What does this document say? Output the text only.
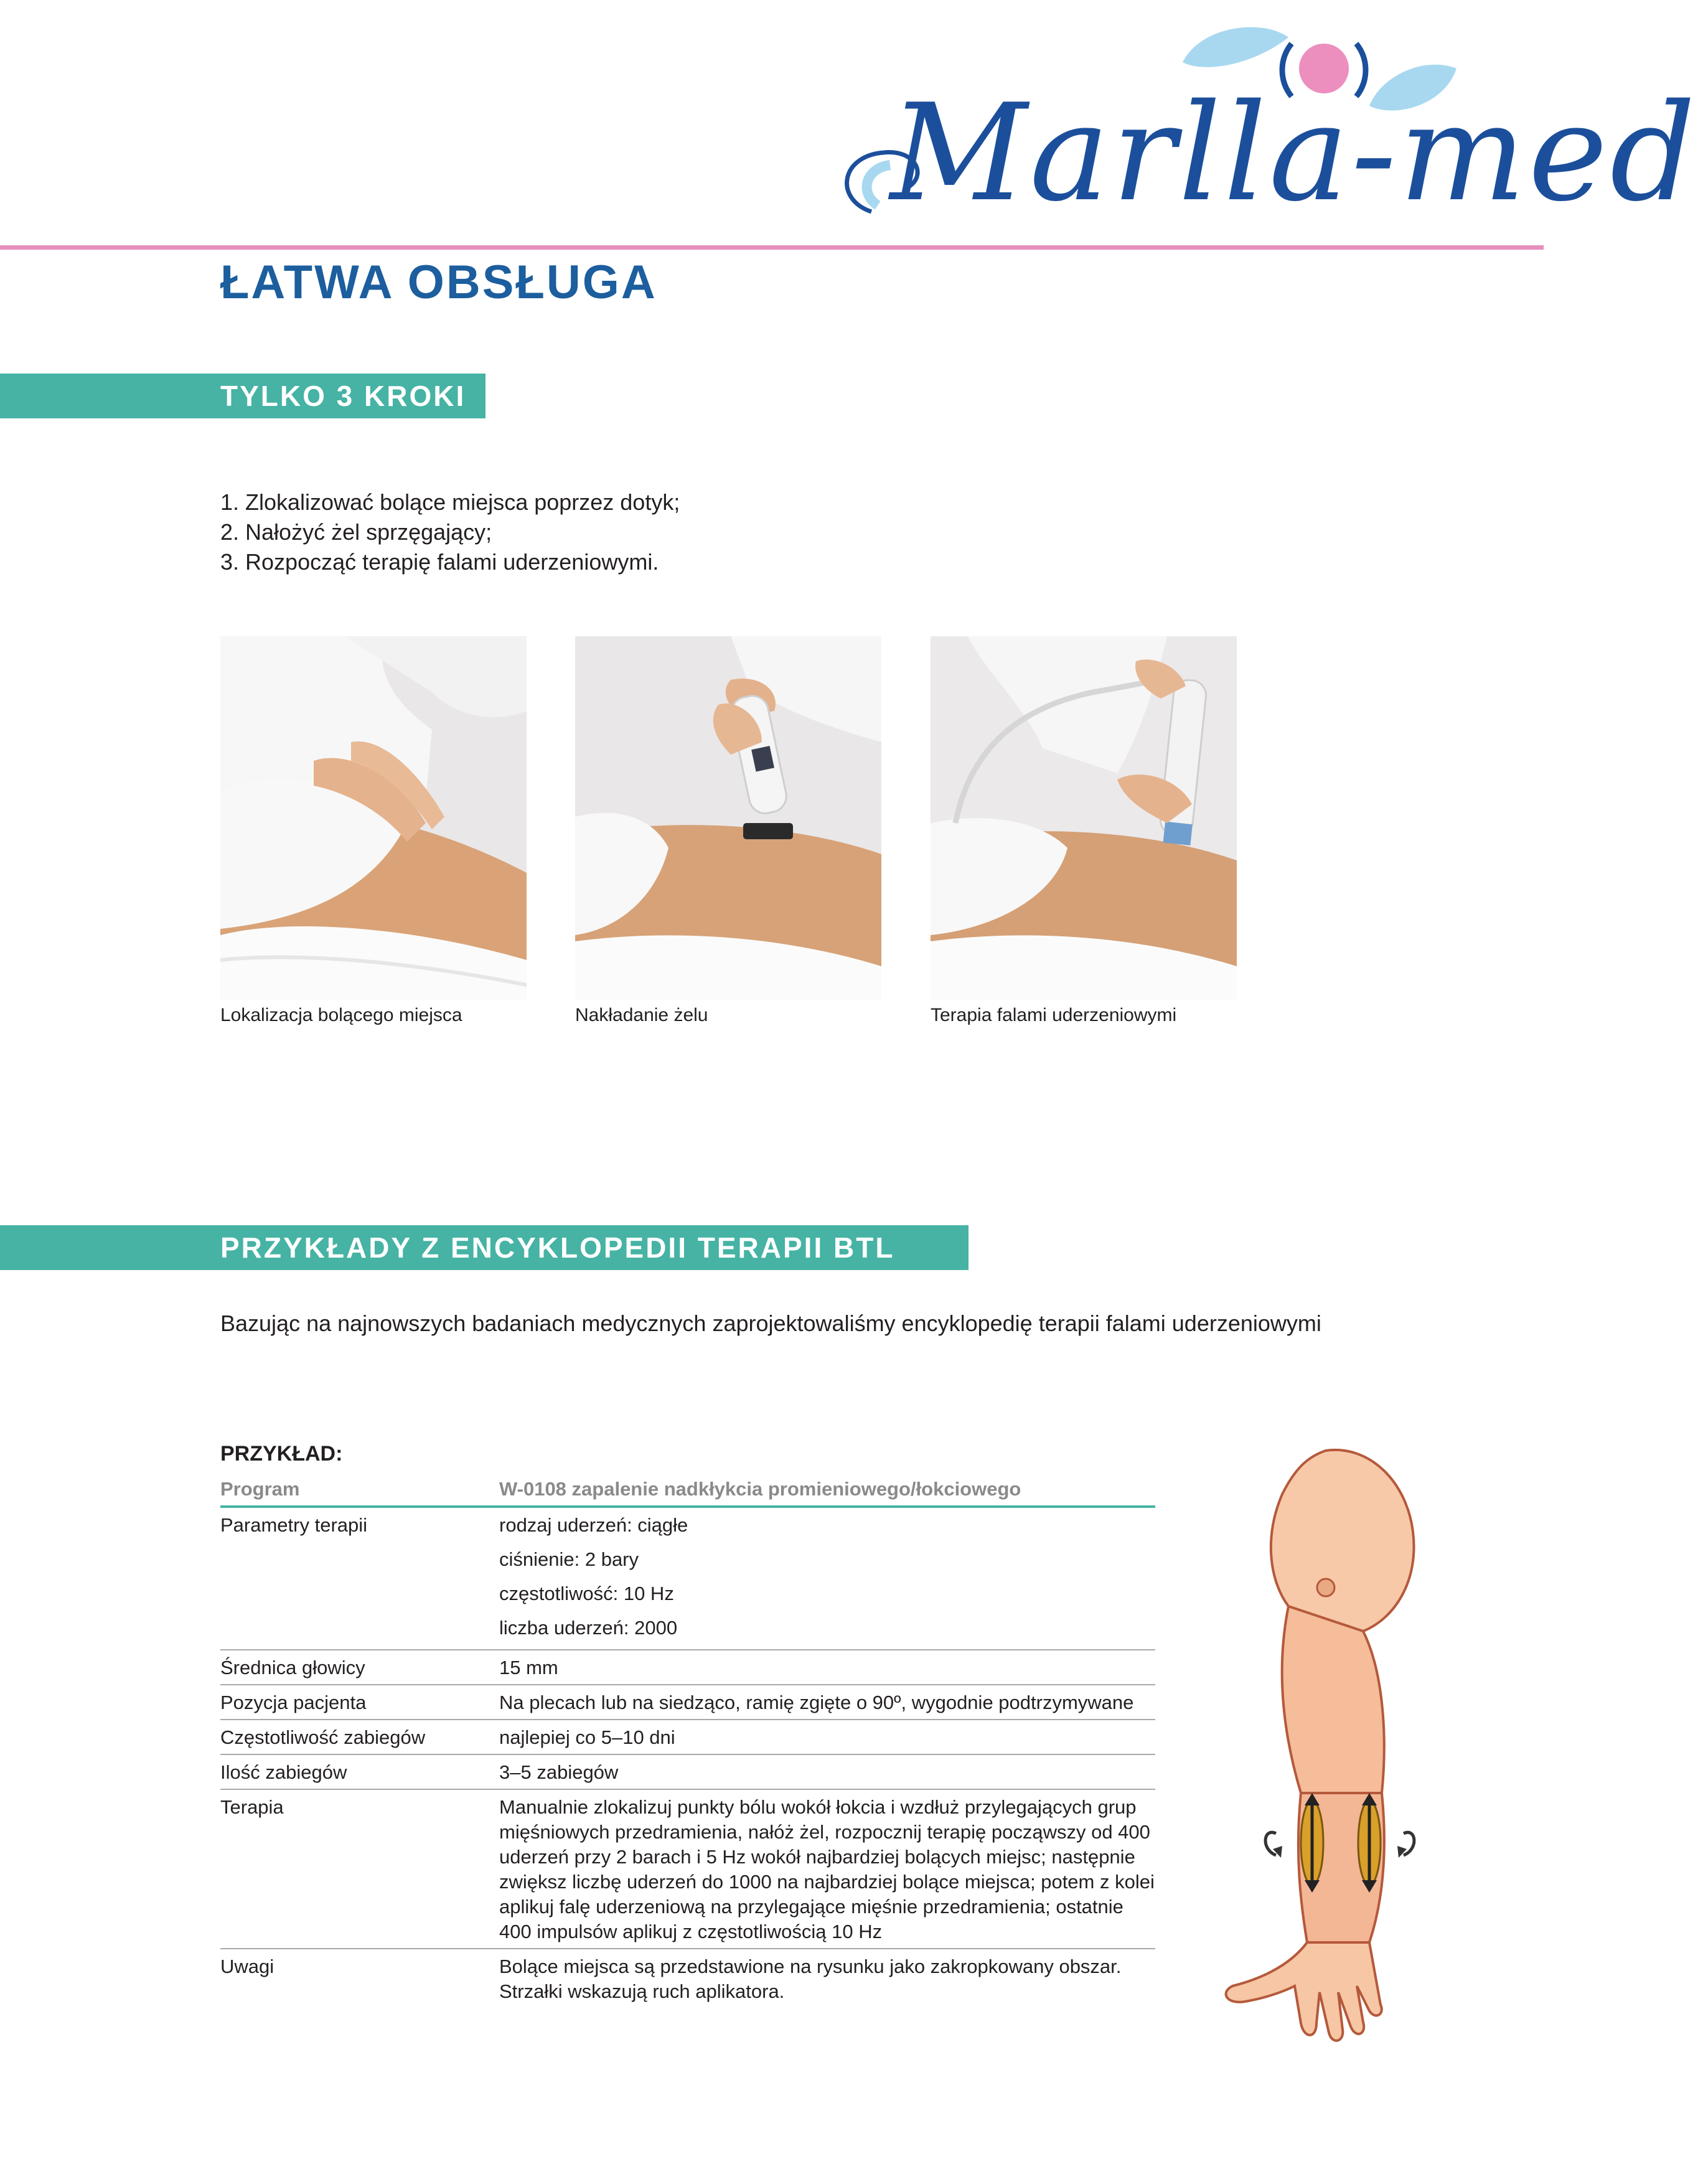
Marlla-med
ŁATWA OBSŁUGA
TYLKO 3 KROKI
1. Zlokalizować bolące miejsca poprzez dotyk;
2. Nałożyć żel sprzęgający;
3. Rozpocząć terapię falami uderzeniowymi.
Lokalizacja bolącego miejsca	Nakładanie żelu	Terapia falami uderzeniowymi
PRZYKŁADY Z ENCYKLOPEDII TERAPII BTL
Bazując na najnowszych badaniach medycznych zaprojektowaliśmy encyklopedię terapii falami uderzeniowymi
PRZYKŁAD:
Program	W-0108 zapalenie nadkłykcia promieniowego/łokciowego
Parametry terapii	rodzaj uderzeń: ciągłe
ciśnienie: 2 bary
częstotliwość: 10 Hz
liczba uderzeń: 2000

Średnica głowicy	15 mm
Pozycja pacjenta	Na plecach lub na siedząco, ramię zgięte o 90º, wygodnie podtrzymywane
Częstotliwość zabiegów	najlepiej co 5–10 dni
Ilość zabiegów	3–5 zabiegów
Terapia	Manualnie zlokalizuj punkty bólu wokół łokcia i wzdłuż przylegających grup mięśniowych przedramienia, nałóż żel, rozpocznij terapię począwszy od 400 uderzeń przy 2 barach i 5 Hz wokół najbardziej bolących miejsc; następnie zwiększ liczbę uderzeń do 1000 na najbardziej bolące miejsca; potem z kolei aplikuj falę uderzeniową na przylegające mięśnie przedramienia; ostatnie 400 impulsów aplikuj z częstotliwością 10 Hz
Uwagi	Bolące miejsca są przedstawione na rysunku jako zakropkowany obszar. Strzałki wskazują ruch aplikatora.
